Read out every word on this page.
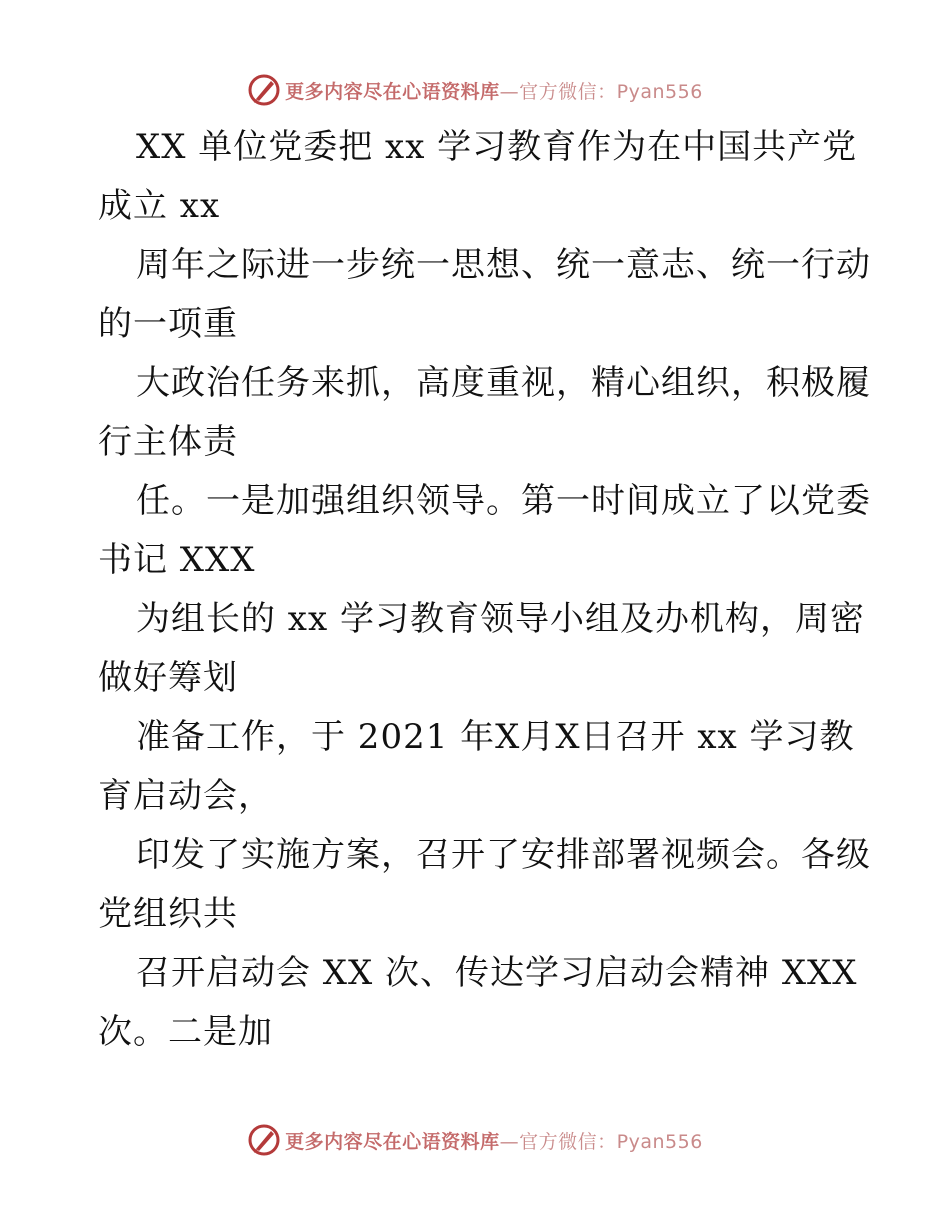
更多内容尽在心语资料库—官方微信：Pyan556
XX 单位党委把 xx 学习教育作为在中国共产党
成立 xx
周年之际进一步统一思想、统一意志、统一行动
的一项重
大政治任务来抓，高度重视，精心组织，积极履
行主体责
任。一是加强组织领导。第一时间成立了以党委
书记 XXX
为组长的 xx 学习教育领导小组及办机构，周密
做好筹划
准备工作，于 2021 年X月X日召开 xx 学习教
育启动会，
印发了实施方案，召开了安排部署视频会。各级
党组织共
召开启动会 XX 次、传达学习启动会精神 XXX
次。二是加
更多内容尽在心语资料库—官方微信：Pyan556
